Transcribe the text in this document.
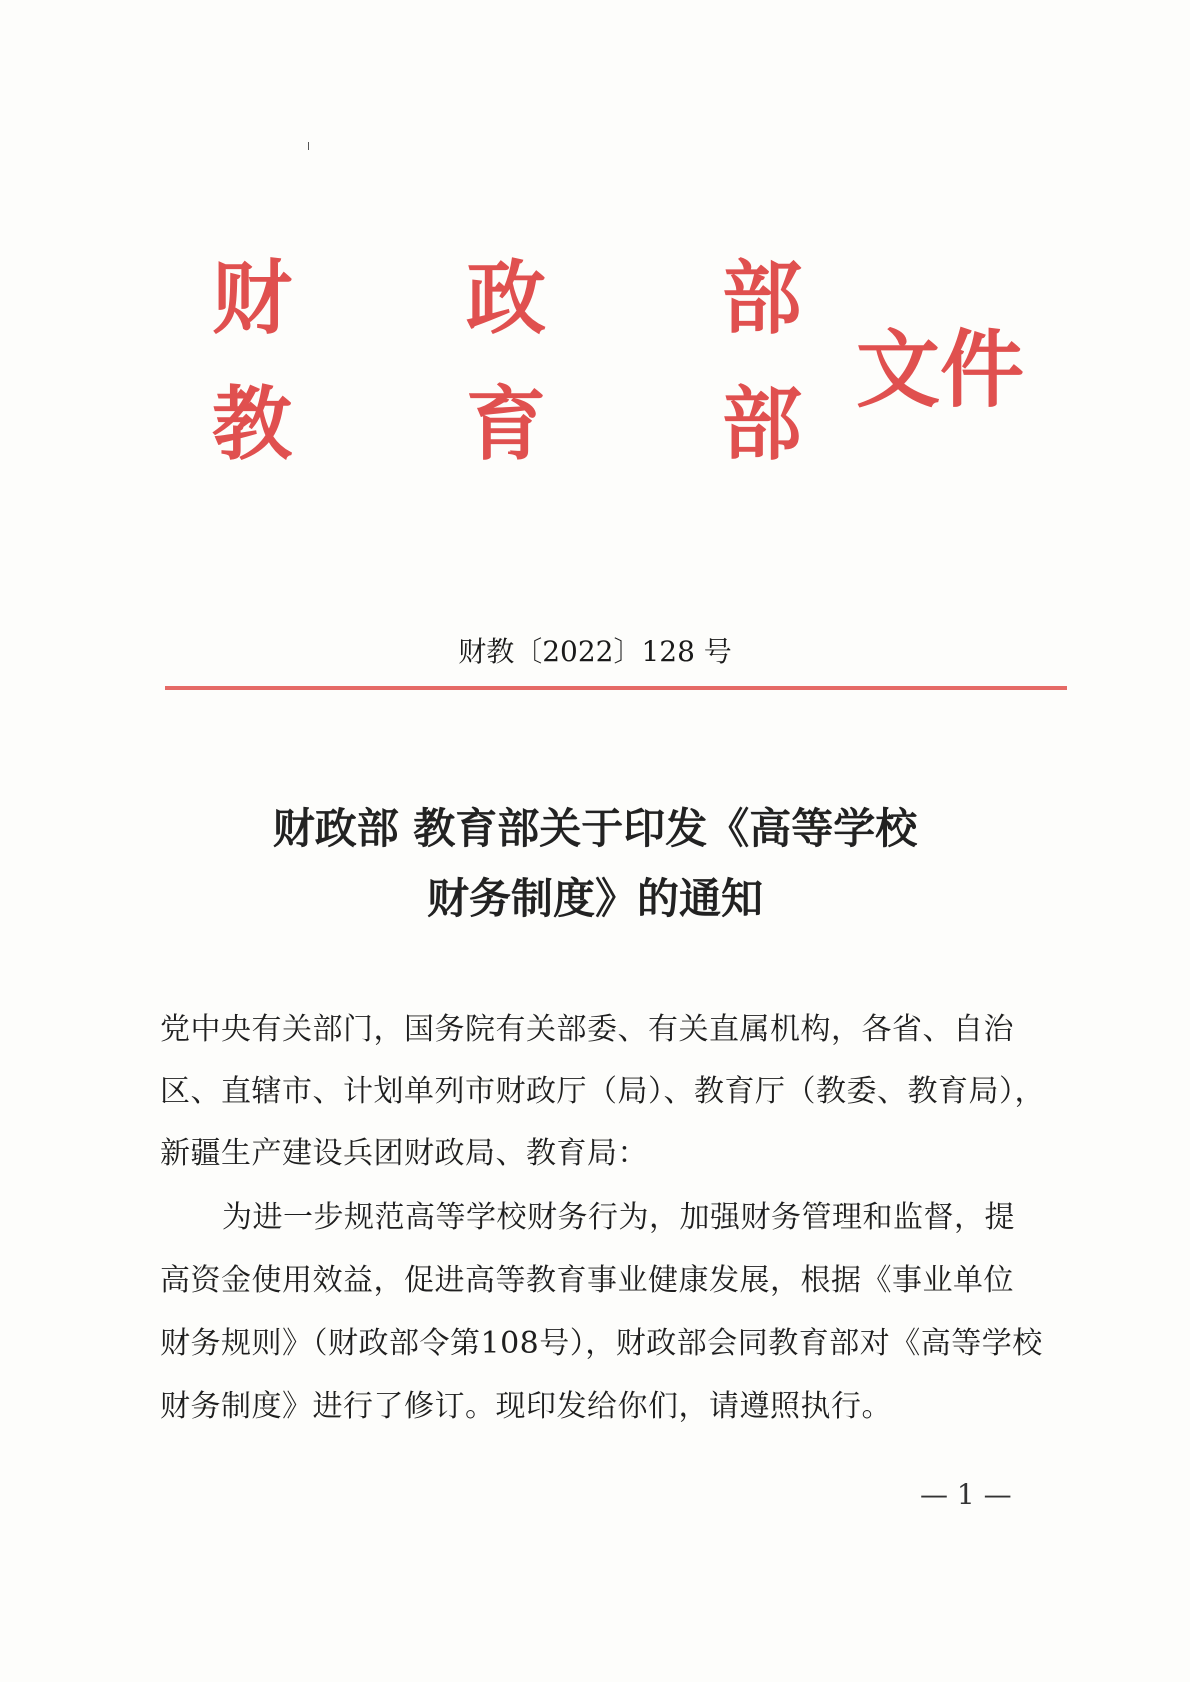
财 政 部
教 育 部
文件
财教〔2022〕128 号
财政部 教育部关于印发《高等学校
财务制度》的通知
党中央有关部门，国务院有关部委、有关直属机构，各省、自治
区、直辖市、计划单列市财政厅（局）、教育厅（教委、教育局），
新疆生产建设兵团财政局、教育局：
为进一步规范高等学校财务行为，加强财务管理和监督，提
高资金使用效益，促进高等教育事业健康发展，根据《事业单位
财务规则》（财政部令第108号），财政部会同教育部对《高等学校
财务制度》进行了修订。现印发给你们，请遵照执行。
— 1 —
